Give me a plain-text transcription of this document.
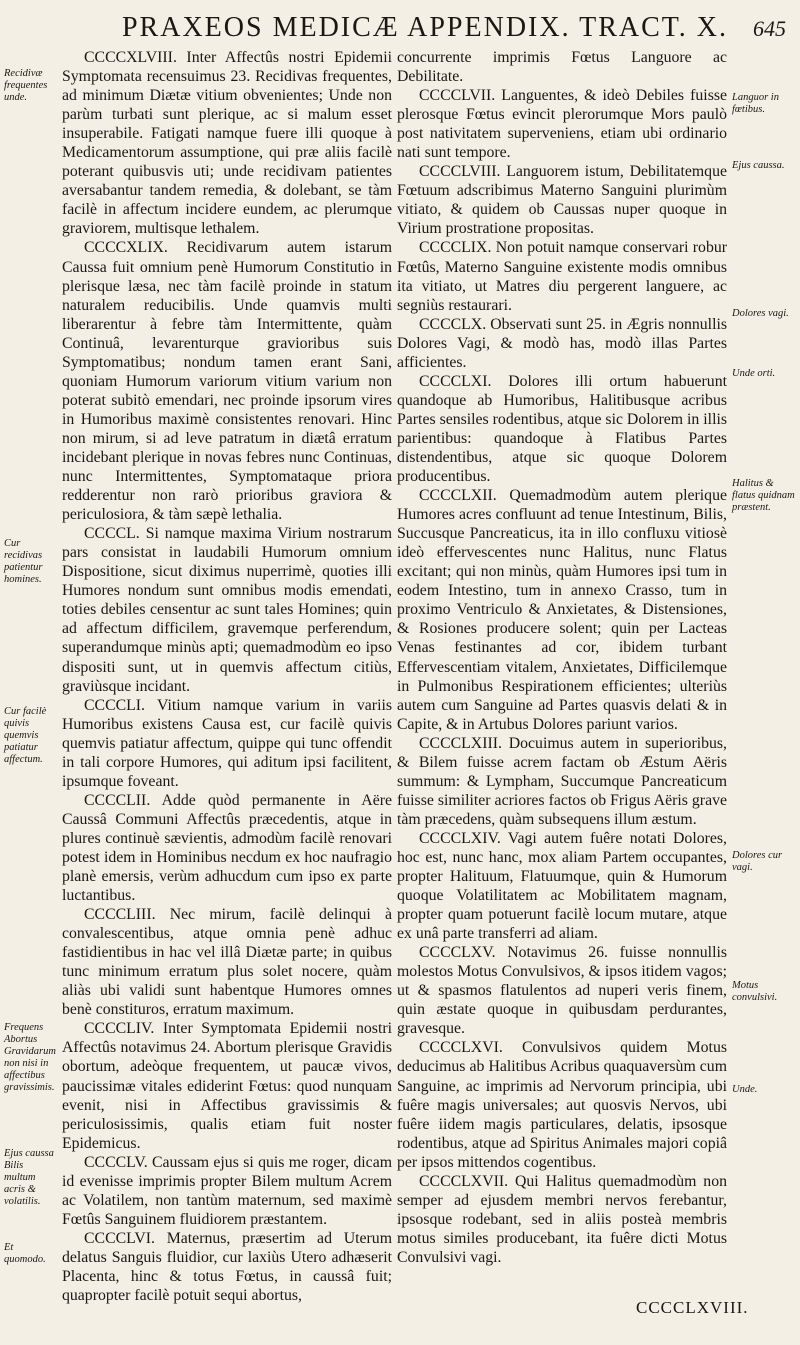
PRAXEOS MEDICÆ APPENDIX. TRACT. X.	645

CCCCXLVIII. Inter Affectûs nostri Epidemii Symptomata recensuimus 23. Recidivas frequentes, ad minimum Diætæ vitium obvenientes; Unde non parùm turbati sunt plerique, ac si malum esset insuperabile. Fatigati namque fuere illi quoque à Medicamentorum assumptione, qui præ aliis facilè poterant quibusvis uti; unde recidivam patientes aversabantur tandem remedia, & dolebant, se tàm facilè in affectum incidere eundem, ac plerumque graviorem, multisque lethalem.

CCCCXLIX. Recidivarum autem istarum Caussa fuit omnium penè Humorum Constitutio in plerisque læsa, nec tàm facilè proinde in statum naturalem reducibilis. Unde quamvis multi liberarentur à febre tàm Intermittente, quàm Continuâ, levarenturque gravioribus suis Symptomatibus; nondum tamen erant Sani, quoniam Humorum variorum vitium varium non poterat subitò emendari, nec proinde ipsorum vires in Humoribus maximè consistentes renovari. Hinc non mirum, si ad leve patratum in diætâ erratum incidebant plerique in novas febres nunc Continuas, nunc Intermittentes, Symptomataque priora redderentur non rarò prioribus graviora & periculosiora, & tàm sæpè lethalia.

CCCCL. Si namque maxima Virium nostrarum pars consistat in laudabili Humorum omnium Dispositione, sicut diximus nuperrimè, quoties illi Humores nondum sunt omnibus modis emendati, toties debiles censentur ac sunt tales Homines; quin ad affectum difficilem, gravemque perferendum, superandumque minùs apti; quemadmodùm eo ipso dispositi sunt, ut in quemvis affectum citiùs, graviùsque incidant.

CCCCLI. Vitium namque varium in variis Humoribus existens Causa est, cur facilè quivis quemvis patiatur affectum, quippe qui tunc offendit in tali corpore Humores, qui aditum ipsi facilitent, ipsumque foveant.

CCCCLII. Adde quòd permanente in Aëre Caussâ Communi Affectûs præcedentis, atque in plures continuè sævientis, admodùm facilè renovari potest idem in Hominibus necdum ex hoc naufragio planè emersis, verùm adhucdum cum ipso ex parte luctantibus.

CCCCLIII. Nec mirum, facilè delinqui à convalescentibus, atque omnia penè adhuc fastidientibus in hac vel illâ Diætæ parte; in quibus tunc minimum erratum plus solet nocere, quàm aliàs ubi validi sunt habentque Humores omnes benè constituros, erratum maximum.

CCCCLIV. Inter Symptomata Epidemii nostri Affectûs notavimus 24. Abortum plerisque Gravidis obortum, adeòque frequentem, ut paucæ vivos, paucissimæ vitales ediderint Fœtus: quod nunquam evenit, nisi in Affectibus gravissimis & periculosissimis, qualis etiam fuit noster Epidemicus.

CCCCLV. Caussam ejus si quis me roger, dicam id evenisse imprimis propter Bilem multum Acrem ac Volatilem, non tantùm maternum, sed maximè Fœtûs Sanguinem fluidiorem præstantem.

CCCCLVI. Maternus, præsertim ad Uterum delatus Sanguis fluidior, cur laxiùs Utero adhæserit Placenta, hinc & totus Fœtus, in caussâ fuit; quapropter facilè potuit sequi abortus,

concurrente imprimis Fœtus Languore ac Debilitate.

CCCCLVII. Languentes, & ideò Debiles fuisse plerosque Fœtus evincit plerorumque Mors paulò post nativitatem superveniens, etiam ubi ordinario nati sunt tempore.

CCCCLVIII. Languorem istum, Debilitatemque Fœtuum adscribimus Materno Sanguini plurimùm vitiato, & quidem ob Caussas nuper quoque in Virium prostratione propositas.

CCCCLIX. Non potuit namque conservari robur Fœtûs, Materno Sanguine existente modis omnibus ita vitiato, ut Matres diu pergerent languere, ac segniùs restaurari.

CCCCLX. Observati sunt 25. in Ægris nonnullis Dolores Vagi, & modò has, modò illas Partes afficientes.

CCCCLXI. Dolores illi ortum habuerunt quandoque ab Humoribus, Halitibusque acribus Partes sensiles rodentibus, atque sic Dolorem in illis parientibus: quandoque à Flatibus Partes distendentibus, atque sic quoque Dolorem producentibus.

CCCCLXII. Quemadmodùm autem plerique Humores acres confluunt ad tenue Intestinum, Bilis, Succusque Pancreaticus, ita in illo confluxu vitiosè ideò effervescentes nunc Halitus, nunc Flatus excitant; qui non minùs, quàm Humores ipsi tum in eodem Intestino, tum in annexo Crasso, tum in proximo Ventriculo & Anxietates, & Distensiones, & Rosiones producere solent; quin per Lacteas Venas festinantes ad cor, ibidem turbant Effervescentiam vitalem, Anxietates, Difficilemque in Pulmonibus Respirationem efficientes; ulteriùs autem cum Sanguine ad Partes quasvis delati & in Capite, & in Artubus Dolores pariunt varios.

CCCCLXIII. Docuimus autem in superioribus, & Bilem fuisse acrem factam ob Æstum Aëris summum: & Lympham, Succumque Pancreaticum fuisse similiter acriores factos ob Frigus Aëris grave tàm præcedens, quàm subsequens illum æstum.

CCCCLXIV. Vagi autem fuêre notati Dolores, hoc est, nunc hanc, mox aliam Partem occupantes, propter Halituum, Flatuumque, quin & Humorum quoque Volatilitatem ac Mobilitatem magnam, propter quam potuerunt facilè locum mutare, atque ex unâ parte transferri ad aliam.

CCCCLXV. Notavimus 26. fuisse nonnullis molestos Motus Convulsivos, & ipsos itidem vagos; ut & spasmos flatulentos ad nuperi veris finem, quin æstate quoque in quibusdam perdurantes, gravesque.

CCCCLXVI. Convulsivos quidem Motus deducimus ab Halitibus Acribus quaquaversùm cum Sanguine, ac imprimis ad Nervorum principia, ubi fuêre magis universales; aut quosvis Nervos, ubi fuêre iidem magis particulares, delatis, ipsosque rodentibus, atque ad Spiritus Animales majori copiâ per ipsos mittendos cogentibus.

CCCCLXVII. Qui Halitus quemadmodùm non semper ad ejusdem membri nervos ferebantur, ipsosque rodebant, sed in aliis posteà membris motus similes producebant, ita fuêre dicti Motus Convulsivi vagi.

Recidivæ frequentes unde.
Cur recidivas patientur homines.
Cur facilè quivis quemvis patiatur affectum.
Frequens Abortus Gravidarum non nisi in affectibus gravissimis.
Ejus caussa Bilis multum acris & volatilis.
Et quomodo.
Languor in fœtibus.
Ejus caussa.
Dolores vagi.
Unde orti.
Halitus & flatus quidnam præstent.
Dolores cur vagi.
Motus convulsivi.
Unde.
CCCCLXVIII.
